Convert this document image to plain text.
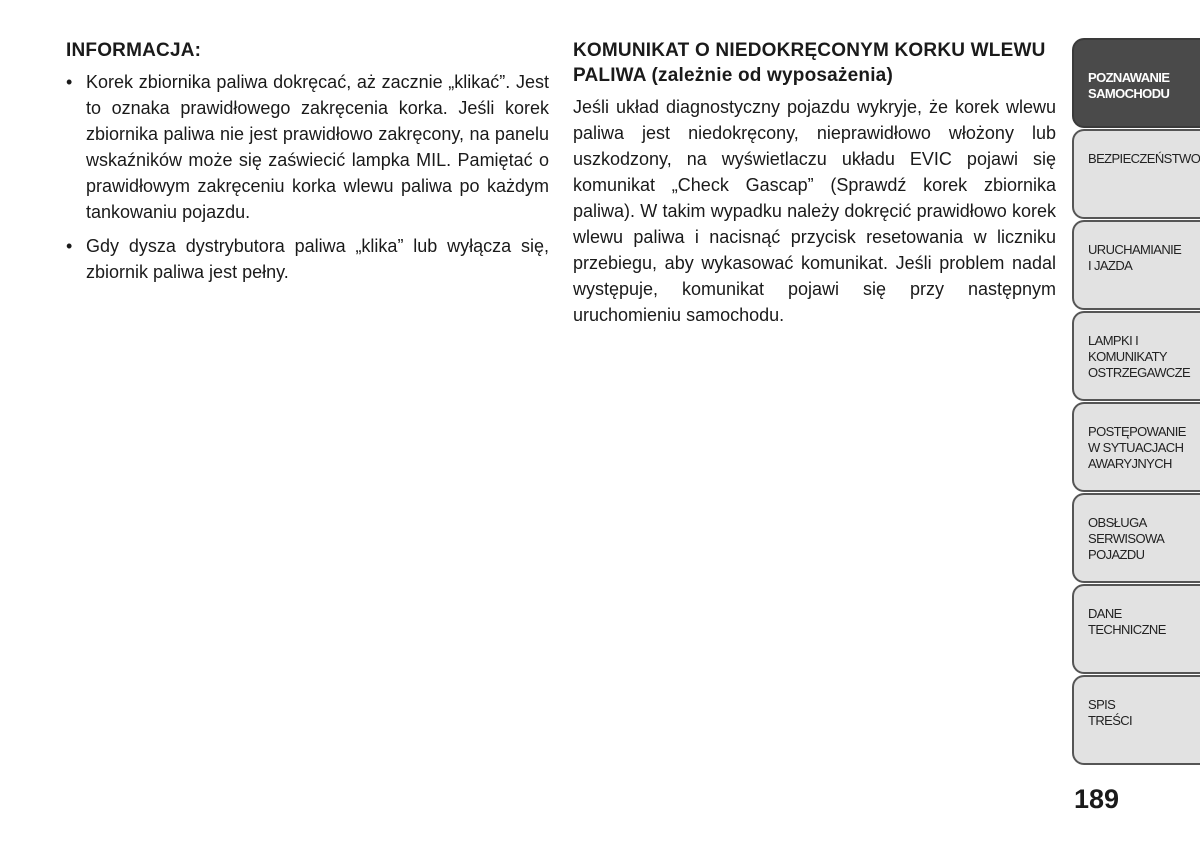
INFORMACJA:
• Korek zbiornika paliwa dokręcać, aż zacznie „klikać”. Jest to oznaka prawidłowego zakręcenia korka. Jeśli korek zbiornika paliwa nie jest prawidłowo zakręcony, na panelu wskaźników może się zaświecić lampka MIL. Pamiętać o prawidłowym zakręceniu korka wlewu paliwa po każdym tankowaniu pojazdu.
• Gdy dysza dystrybutora paliwa „klika” lub wyłącza się, zbiornik paliwa jest pełny.
KOMUNIKAT O NIEDOKRĘCONYM KORKU WLEWU PALIWA (zależnie od wyposażenia)

Jeśli układ diagnostyczny pojazdu wykryje, że korek wlewu paliwa jest niedokręcony, nieprawidłowo włożony lub uszkodzony, na wyświetlaczu układu EVIC pojawi się komunikat „Check Gascap” (Sprawdź korek zbiornika paliwa). W takim wypadku należy dokręcić prawidłowo korek wlewu paliwa i nacisnąć przycisk resetowania w liczniku przebiegu, aby wykasować komunikat. Jeśli problem nadal występuje, komunikat pojawi się przy następnym uruchomieniu samochodu.

POZNAWANIE
SAMOCHODU
BEZPIECZEŃSTWO
URUCHAMIANIE
I JAZDA
LAMPKI I
KOMUNIKATY
OSTRZEGAWCZE
POSTĘPOWANIE
W SYTUACJACH
AWARYJNYCH
OBSŁUGA
SERWISOWA
POJAZDU
DANE
TECHNICZNE
SPIS
TREŚCI
189
